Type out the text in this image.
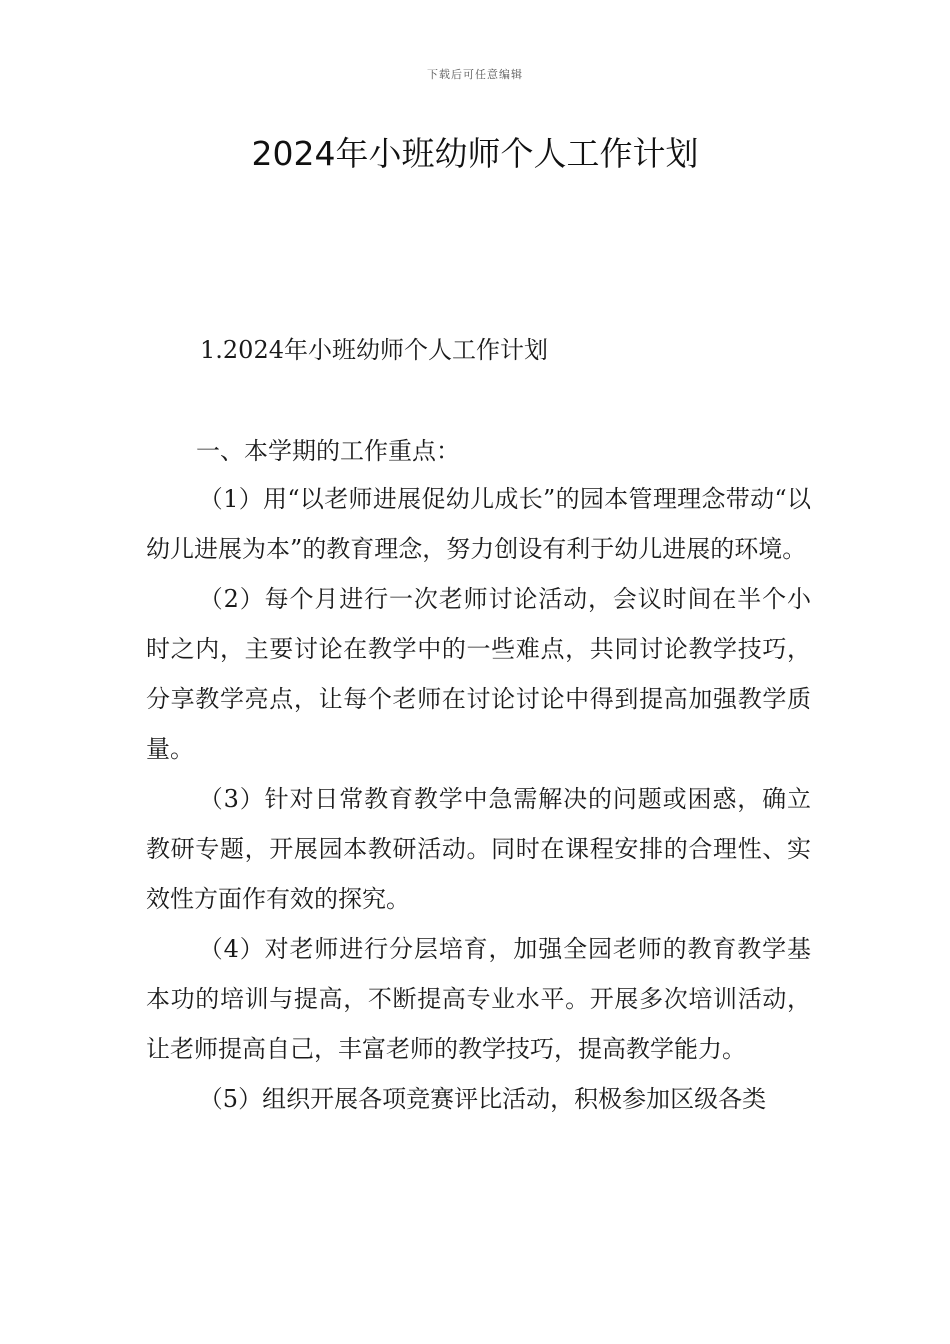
下载后可任意编辑
2024年小班幼师个人工作计划

1.2024年小班幼师个人工作计划

一、本学期的工作重点：

（1）用“以老师进展促幼儿成长”的园本管理理念带动“以幼儿进展为本”的教育理念，努力创设有利于幼儿进展的环境。

（2）每个月进行一次老师讨论活动，会议时间在半个小时之内，主要讨论在教学中的一些难点，共同讨论教学技巧，分享教学亮点，让每个老师在讨论讨论中得到提高加强教学质量。

（3）针对日常教育教学中急需解决的问题或困惑，确立教研专题，开展园本教研活动。同时在课程安排的合理性、实效性方面作有效的探究。

（4）对老师进行分层培育，加强全园老师的教育教学基本功的培训与提高，不断提高专业水平。开展多次培训活动，让老师提高自己，丰富老师的教学技巧，提高教学能力。

（5）组织开展各项竞赛评比活动，积极参加区级各类
